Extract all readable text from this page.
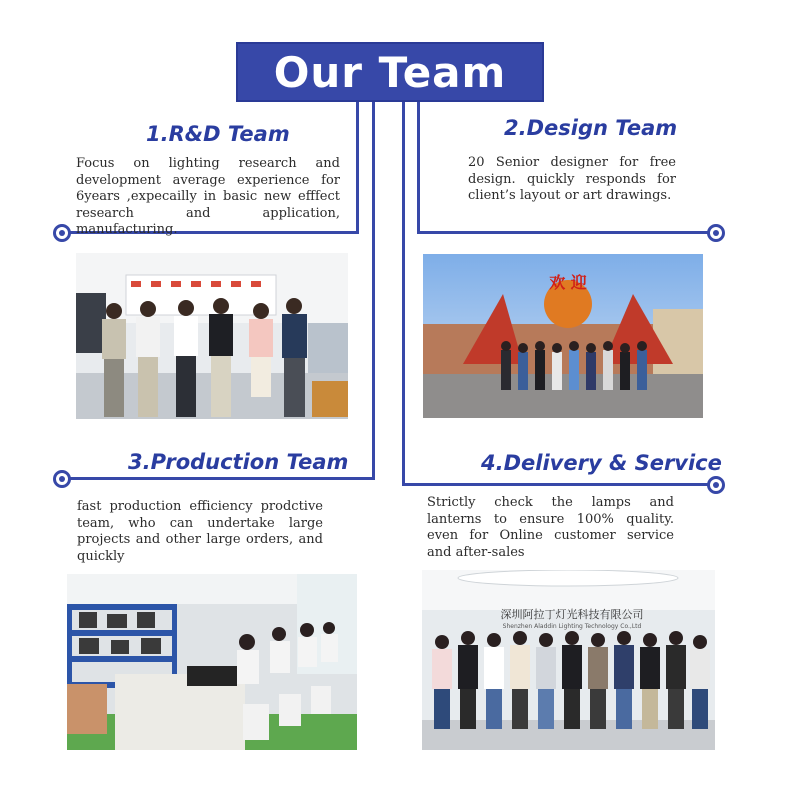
Our Team
1.R&D Team
Focus on lighting research and development average experience for 6years ,expecailly in basic new efffect research and application, manufacturing.
2.Design Team
20 Senior designer for free design. quickly responds for client’s layout or art drawings.
3.Production Team
fast production efficiency prodctive team, who can undertake large projects and other large orders, and quickly
4.Delivery & Service
Strictly check the lamps and lanterns to ensure 100% quality. even for Online customer service and after-sales
欢 迎
深圳阿拉丁灯光科技有限公司
Shenzhen Aladdin Lighting Technology Co.,Ltd
